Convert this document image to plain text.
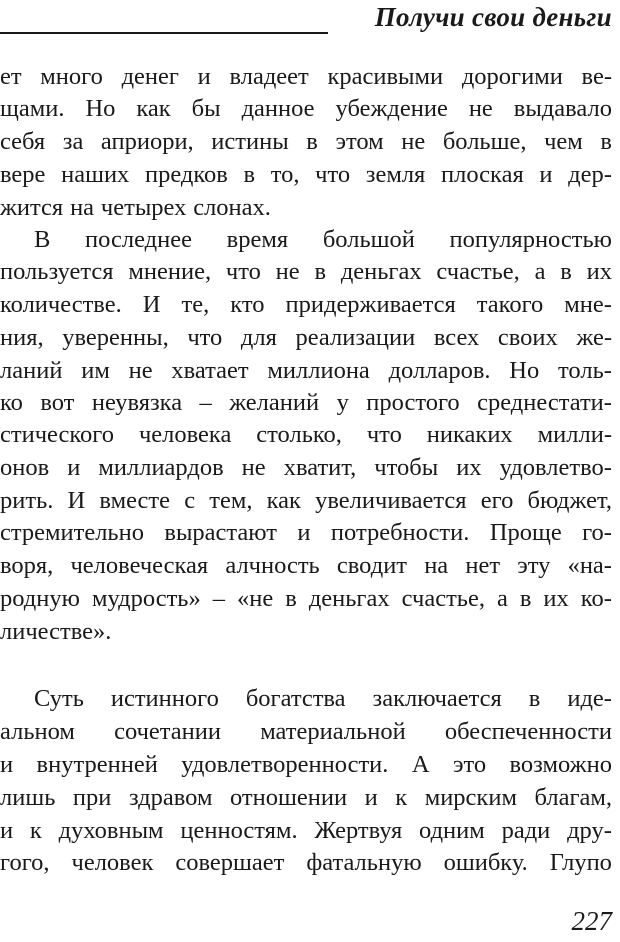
Получи свои деньги
ет много денег и владеет красивыми дорогими ве-
щами. Но как бы данное убеждение не выдавало
себя за априори, истины в этом не больше, чем в
вере наших предков в то, что земля плоская и дер-
жится на четырех слонах.
В последнее время большой популярностью
пользуется мнение, что не в деньгах счастье, а в их
количестве. И те, кто придерживается такого мне-
ния, уверенны, что для реализации всех своих же-
ланий им не хватает миллиона долларов. Но толь-
ко вот неувязка – желаний у простого среднестати-
стического человека столько, что никаких милли-
онов и миллиардов не хватит, чтобы их удовлетво-
рить. И вместе с тем, как увеличивается его бюджет,
стремительно вырастают и потребности. Проще го-
воря, человеческая алчность сводит на нет эту «на-
родную мудрость» – «не в деньгах счастье, а в их ко-
личестве».
Суть истинного богатства заключается в иде-
альном сочетании материальной обеспеченности
и внутренней удовлетворенности. А это возможно
лишь при здравом отношении и к мирским благам,
и к духовным ценностям. Жертвуя одним ради дру-
гого, человек совершает фатальную ошибку. Глупо
227
